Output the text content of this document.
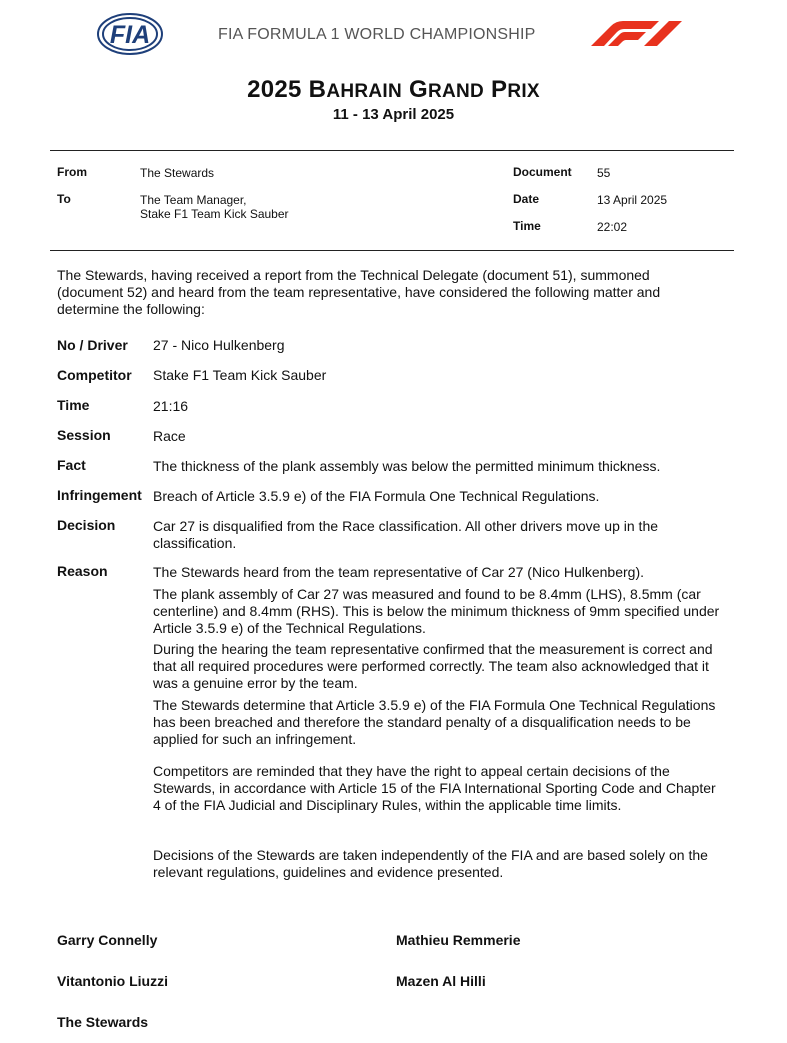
FIA	FIA FORMULA 1 WORLD CHAMPIONSHIP
2025 BAHRAIN GRAND PRIX
11 - 13 April 2025
From	The Stewards
To	The Team Manager,
Stake F1 Team Kick Sauber
Document 55
Date	13 April 2025
Time	22:02
The Stewards, having received a report from the Technical Delegate (document 51), summoned (document 52) and heard from the team representative, have considered the following matter and determine the following:
No / Driver 27 - Nico Hulkenberg
Competitor Stake F1 Team Kick Sauber
Time	21:16
Session	Race
Fact	The thickness of the plank assembly was below the permitted minimum thickness.
Infringement Breach of Article 3.5.9 e) of the FIA Formula One Technical Regulations.
Decision	Car 27 is disqualified from the Race classification. All other drivers move up in the classification.
Reason	The Stewards heard from the team representative of Car 27 (Nico Hulkenberg).
The plank assembly of Car 27 was measured and found to be 8.4mm (LHS), 8.5mm (car centerline) and 8.4mm (RHS). This is below the minimum thickness of 9mm specified under Article 3.5.9 e) of the Technical Regulations.
During the hearing the team representative confirmed that the measurement is correct and that all required procedures were performed correctly. The team also acknowledged that it was a genuine error by the team.
The Stewards determine that Article 3.5.9 e) of the FIA Formula One Technical Regulations has been breached and therefore the standard penalty of a disqualification needs to be applied for such an infringement.
Competitors are reminded that they have the right to appeal certain decisions of the Stewards, in accordance with Article 15 of the FIA International Sporting Code and Chapter 4 of the FIA Judicial and Disciplinary Rules, within the applicable time limits.
Decisions of the Stewards are taken independently of the FIA and are based solely on the relevant regulations, guidelines and evidence presented.
Garry Connelly	Mathieu Remmerie
Vitantonio Liuzzi	Mazen Al Hilli
The Stewards
